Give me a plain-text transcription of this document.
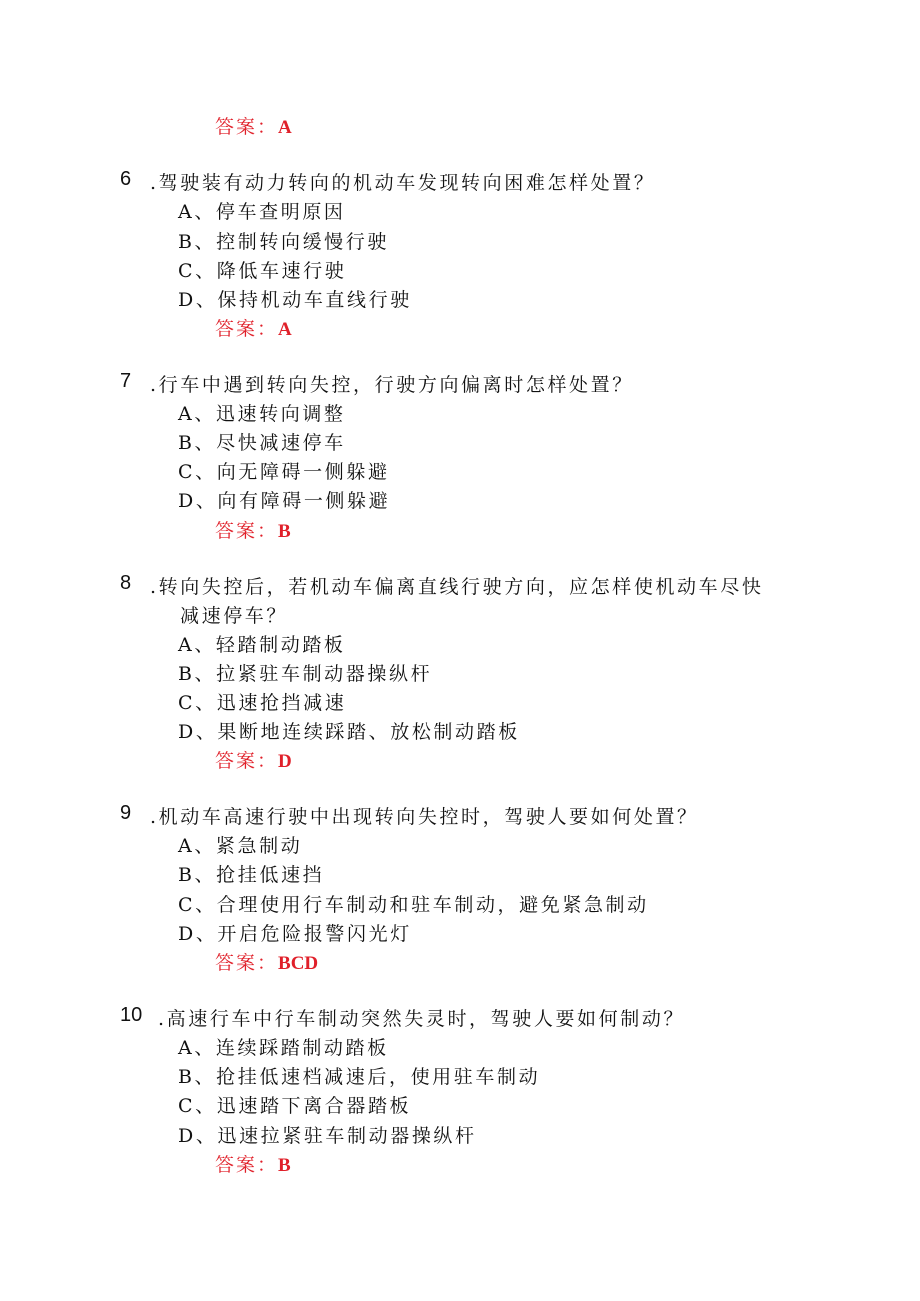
答案：A
6 .驾驶装有动力转向的机动车发现转向困难怎样处置？
A、停车查明原因
B、控制转向缓慢行驶
C、降低车速行驶
D、保持机动车直线行驶
答案：A
7 .行车中遇到转向失控，行驶方向偏离时怎样处置？
A、迅速转向调整
B、尽快减速停车
C、向无障碍一侧躲避
D、向有障碍一侧躲避
答案：B
8 .转向失控后，若机动车偏离直线行驶方向，应怎样使机动车尽快
减速停车？
A、轻踏制动踏板
B、拉紧驻车制动器操纵杆
C、迅速抢挡减速
D、果断地连续踩踏、放松制动踏板
答案：D
9 .机动车高速行驶中出现转向失控时，驾驶人要如何处置？
A、紧急制动
B、抢挂低速挡
C、合理使用行车制动和驻车制动，避免紧急制动
D、开启危险报警闪光灯
答案：BCD
10 .高速行车中行车制动突然失灵时，驾驶人要如何制动？
A、连续踩踏制动踏板
B、抢挂低速档减速后，使用驻车制动
C、迅速踏下离合器踏板
D、迅速拉紧驻车制动器操纵杆
答案：B
